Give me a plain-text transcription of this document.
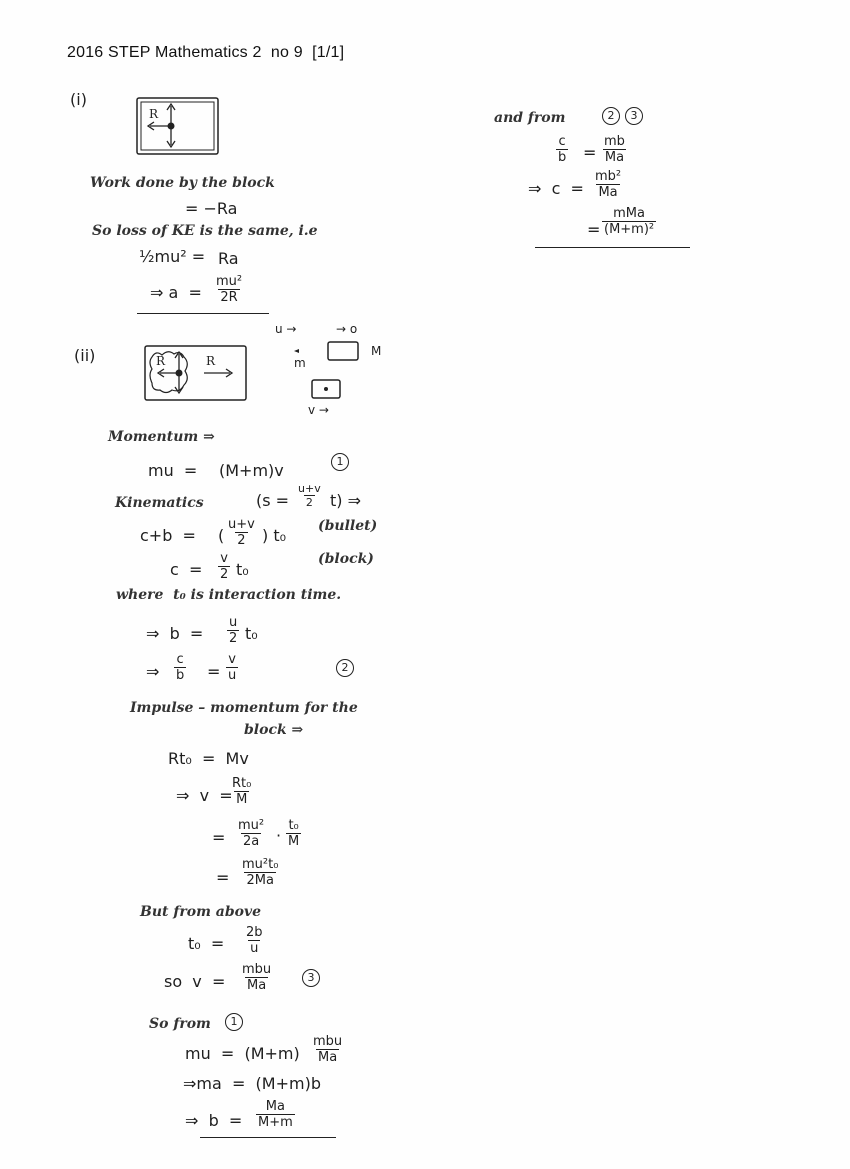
2016 STEP Mathematics 2  no 9  [1/1]
(i)
R
Work done by the block
= −Ra
So loss of KE is the same, i.e
½mu² = Ra
⇒ $a = \frac{\text{mu²}}{2R}$
(ii)	R	R
u →	→ o
M
m
v →
Momentum ⇒
mu  = (M+m)v	1
Kinematics	$(s = \frac{u+v}{2} t)$ ⇒
c+b  = ( $\frac{u+v}{2}$ ) t₀ (bullet)
$c = \frac{v}{2} t_0$
(block)
where  t₀ is interaction time.
⇒  $b = \frac{u}{2} t_0$
⇒ $\frac{c}{b} = \frac{v}{u}$	2
Impulse – momentum for the
block ⇒
Rt₀  =  Mv
⇒  v  =
$\frac{\text{Rt₀}}{M}$
= $\frac{\text{mu²}}{2a} \cdot \frac{\text{t₀}}{M}$
= $\frac{\text{mu²t₀}}{2Ma}$
But from above
$t_0 = \frac{2b}{u}$
so  v  =
mbu
Ma
3
So from	1
mu  =  (M+m)
mbu
Ma
⇒ma  =  (M+m)b
⇒  $b = \frac{Ma}{M+m}$
and from	2	3
$\frac{c}{b} = \frac{mb}{Ma}$
⇒  $c = \frac{\text{mb²}}{Ma}$
=
mMa
(M+m)²
